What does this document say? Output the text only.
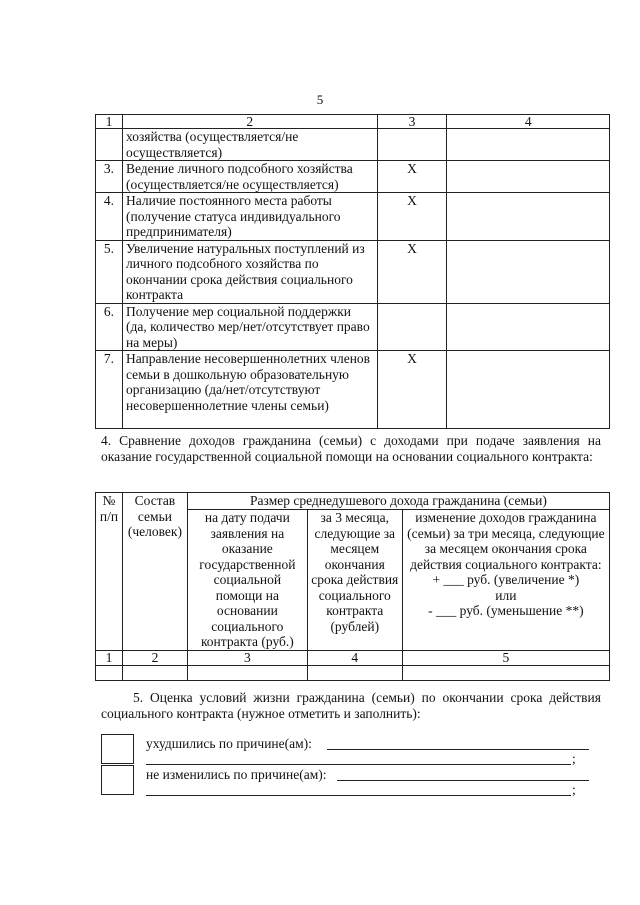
5
1	2	3	4
	хозяйства (осуществляется/не осуществляется)		
3.	Ведение личного подсобного хозяйства (осуществляется/не осуществляется)	X	
4.	Наличие постоянного места работы (получение статуса индивидуального предпринимателя)	X	
5.	Увеличение натуральных поступлений из личного подсобного хозяйства по окончании срока действия социального контракта	X	
6.	Получение мер социальной поддержки (да, количество мер/нет/отсутствует право на меры)		
7.	Направление несовершеннолетних членов семьи в дошкольную образовательную организацию (да/нет/отсутствуют несовершеннолетние члены семьи)	X	
4. Сравнение доходов гражданина (семьи) с доходами при подаче заявления на оказание государственной социальной помощи на основании социального контракта:
№ п/п	Состав семьи (человек)	Размер среднедушевого дохода гражданина (семьи)		
		на дату подачи заявления на оказание государственной социальной помощи на основании социального контракта (руб.)	за 3 месяца, следующие за месяцем окончания срока действия социального контракта (рублей)	изменение доходов гражданина (семьи) за три месяца, следующие за месяцем окончания срока действия социального контракта:
+ ___ руб. (увеличение *)
или
- ___ руб. (уменьшение **)

1	2	3	4	5

5. Оценка условий жизни гражданина (семьи) по окончании срока действия социального контракта (нужное отметить и заполнить):
ухудшились по причине(ам):
;
не изменились по причине(ам):
;
